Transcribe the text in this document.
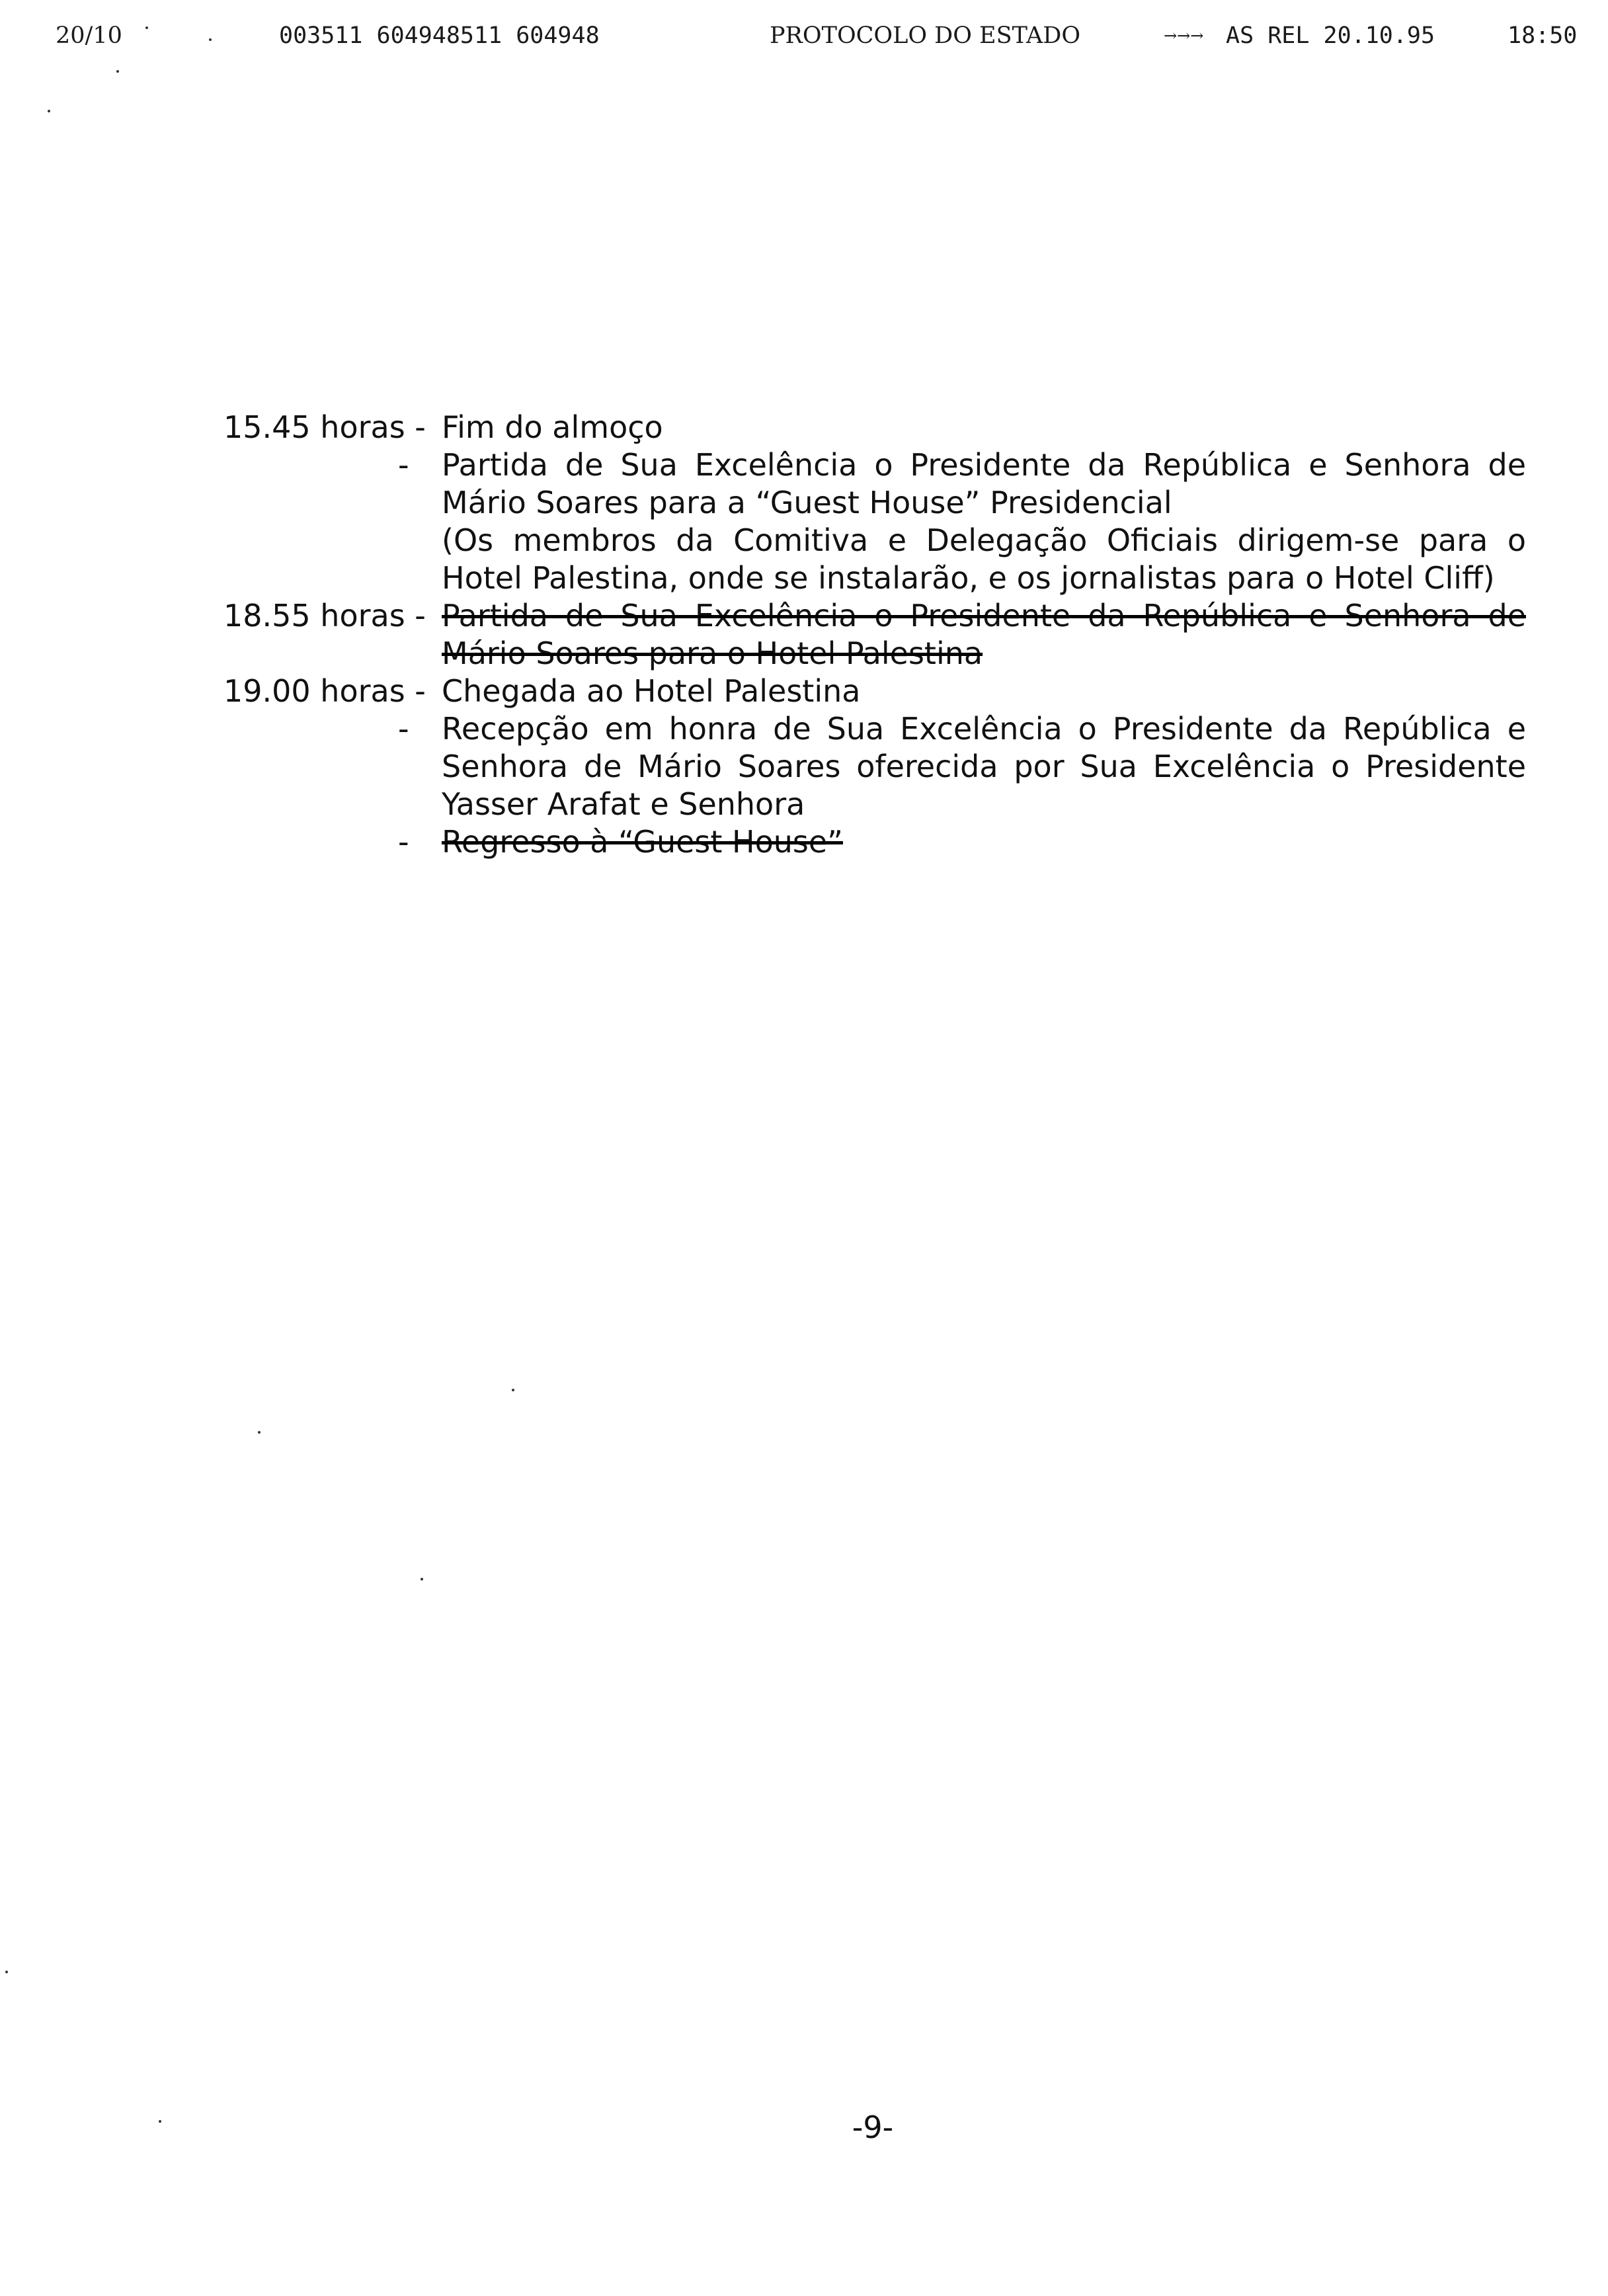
20/10	003511 604948511 604948	PROTOCOLO DO ESTADO	→→→ AS REL 20.10.95	18:50
15.45 horas - Fim do almoço
- Partida de Sua Excelência o Presidente da República e Senhora de Mário Soares para a “Guest House” Presidencial
(Os membros da Comitiva e Delegação Oficiais dirigem-se para o Hotel Palestina, onde se instalarão, e os jornalistas para o Hotel Cliff)
18.55 horas - Partida de Sua Excelência o Presidente da República e Senhora de Mário Soares para o Hotel Palestina
19.00 horas - Chegada ao Hotel Palestina
- Recepção em honra de Sua Excelência o Presidente da República e Senhora de Mário Soares oferecida por Sua Excelência o Presidente Yasser Arafat e Senhora
- Regresso à “Guest House”
-9-
